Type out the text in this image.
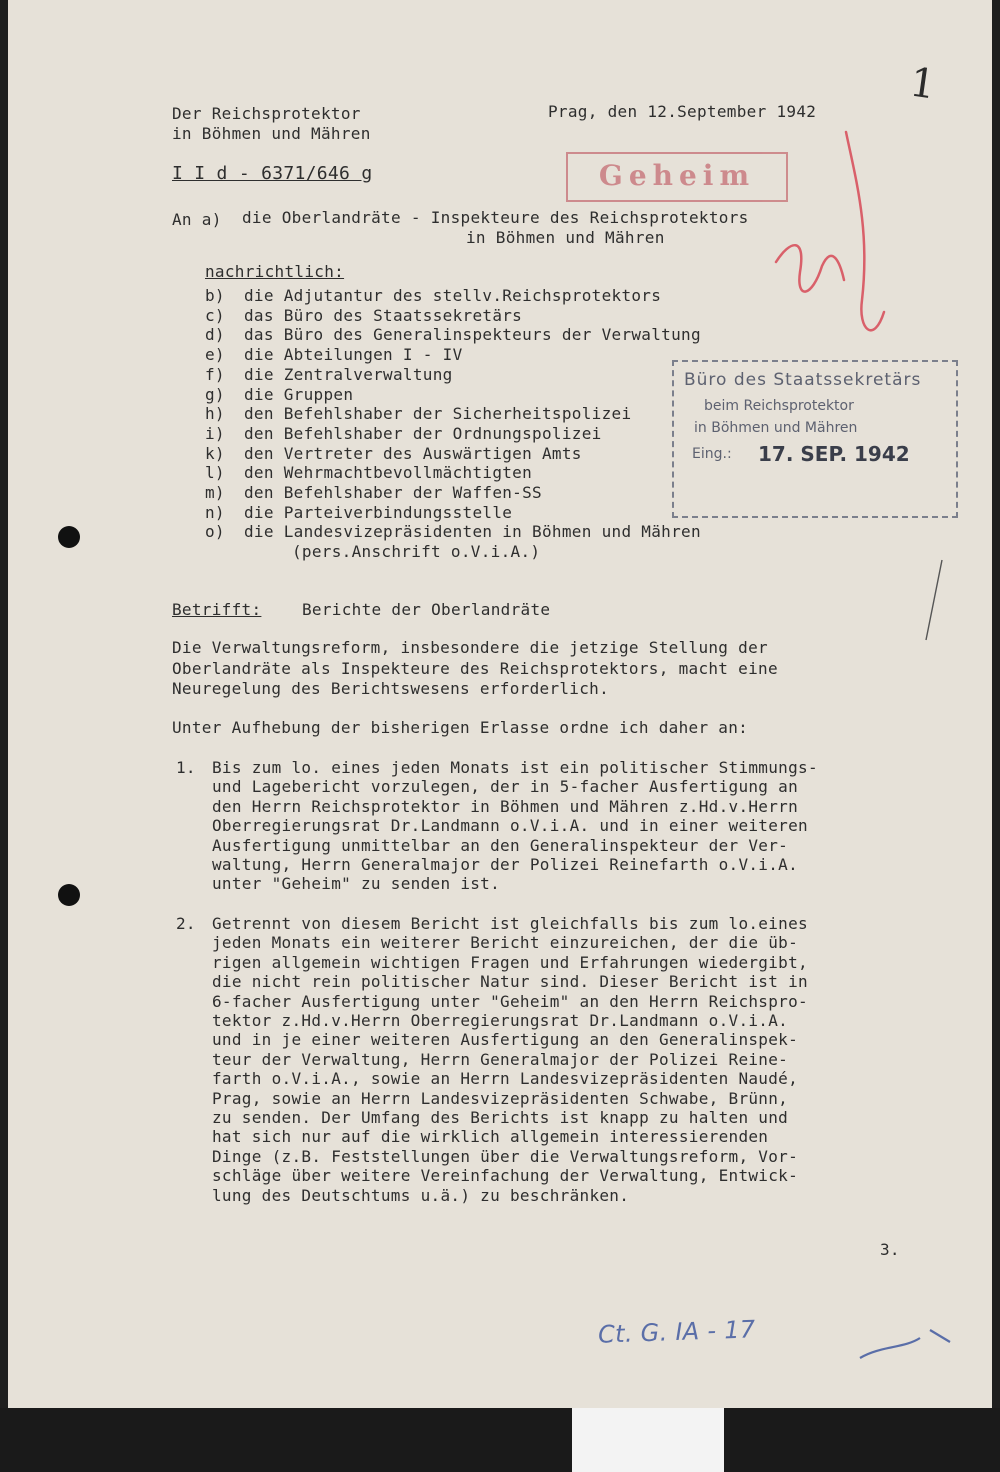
1
Der Reichsprotektor
in Böhmen und Mähren
I I d - 6371/646 g
Prag, den 12.September 1942
Geheim
Büro des Staatssekretärs
beim Reichsprotektor
in Böhmen und Mähren
Eing.: 17. SEP. 1942
An a) die Oberlandräte - Inspekteure des Reichsprotektors
in Böhmen und Mähren
nachrichtlich:
b) die Adjutantur des stellv.Reichsprotektors
c) das Büro des Staatssekretärs
d) das Büro des Generalinspekteurs der Verwaltung
e) die Abteilungen I - IV
f) die Zentralverwaltung
g) die Gruppen
h) den Befehlshaber der Sicherheitspolizei
i) den Befehlshaber der Ordnungspolizei
k) den Vertreter des Auswärtigen Amts
l) den Wehrmachtbevollmächtigten
m) den Befehlshaber der Waffen-SS
n) die Parteiverbindungsstelle
o) die Landesvizepräsidenten in Böhmen und Mähren
(pers.Anschrift o.V.i.A.)
Betrifft:	Berichte der Oberlandräte
Die Verwaltungsreform, insbesondere die jetzige Stellung der
Oberlandräte als Inspekteure des Reichsprotektors, macht eine
Neuregelung des Berichtswesens erforderlich.
Unter Aufhebung der bisherigen Erlasse ordne ich daher an:
1. Bis zum lo. eines jeden Monats ist ein politischer Stimmungs-
und Lagebericht vorzulegen, der in 5-facher Ausfertigung an
den Herrn Reichsprotektor in Böhmen und Mähren z.Hd.v.Herrn
Oberregierungsrat Dr.Landmann o.V.i.A. und in einer weiteren
Ausfertigung unmittelbar an den Generalinspekteur der Ver-
waltung, Herrn Generalmajor der Polizei Reinefarth o.V.i.A.
unter "Geheim" zu senden ist.
2. Getrennt von diesem Bericht ist gleichfalls bis zum lo.eines
jeden Monats ein weiterer Bericht einzureichen, der die üb-
rigen allgemein wichtigen Fragen und Erfahrungen wiedergibt,
die nicht rein politischer Natur sind. Dieser Bericht ist in
6-facher Ausfertigung unter "Geheim" an den Herrn Reichspro-
tektor z.Hd.v.Herrn Oberregierungsrat Dr.Landmann o.V.i.A.
und in je einer weiteren Ausfertigung an den Generalinspek-
teur der Verwaltung, Herrn Generalmajor der Polizei Reine-
farth o.V.i.A., sowie an Herrn Landesvizepräsidenten Naudé,
Prag, sowie an Herrn Landesvizepräsidenten Schwabe, Brünn,
zu senden. Der Umfang des Berichts ist knapp zu halten und
hat sich nur auf die wirklich allgemein interessierenden
Dinge (z.B. Feststellungen über die Verwaltungsreform, Vor-
schläge über weitere Vereinfachung der Verwaltung, Entwick-
lung des Deutschtums u.ä.) zu beschränken.
3.
Ct. G. IA - 17
